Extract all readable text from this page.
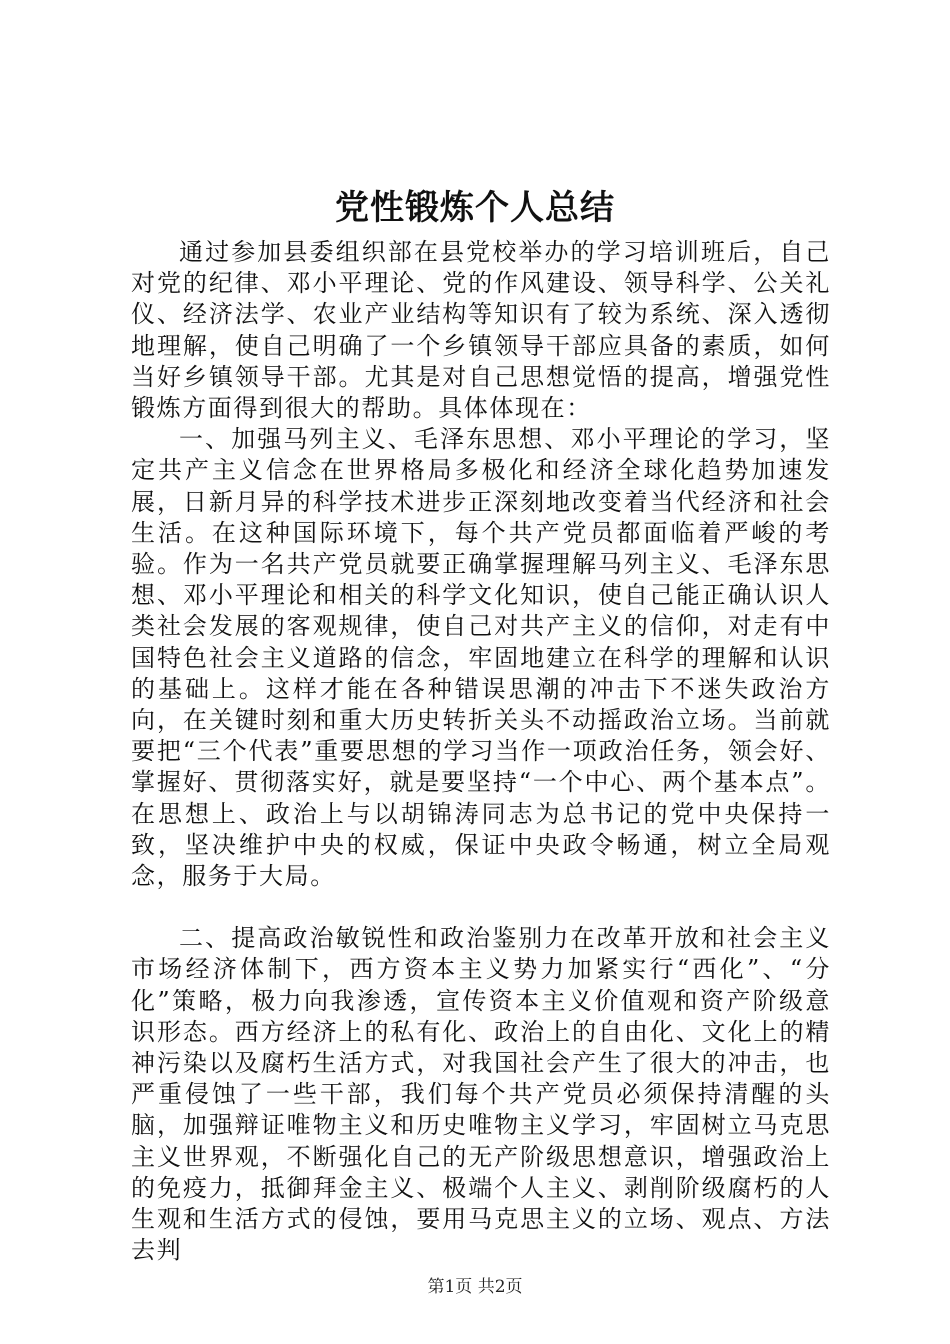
党性锻炼个人总结

通过参加县委组织部在县党校举办的学习培训班后，自己对党的纪律、邓小平理论、党的作风建设、领导科学、公关礼仪、经济法学、农业产业结构等知识有了较为系统、深入透彻地理解，使自己明确了一个乡镇领导干部应具备的素质，如何当好乡镇领导干部。尤其是对自己思想觉悟的提高，增强党性锻炼方面得到很大的帮助。具体体现在：

一、加强马列主义、毛泽东思想、邓小平理论的学习，坚定共产主义信念在世界格局多极化和经济全球化趋势加速发展，日新月异的科学技术进步正深刻地改变着当代经济和社会生活。在这种国际环境下，每个共产党员都面临着严峻的考验。作为一名共产党员就要正确掌握理解马列主义、毛泽东思想、邓小平理论和相关的科学文化知识，使自己能正确认识人类社会发展的客观规律，使自己对共产主义的信仰，对走有中国特色社会主义道路的信念，牢固地建立在科学的理解和认识的基础上。这样才能在各种错误思潮的冲击下不迷失政治方向，在关键时刻和重大历史转折关头不动摇政治立场。当前就要把“三个代表”重要思想的学习当作一项政治任务，领会好、掌握好、贯彻落实好，就是要坚持“一个中心、两个基本点”。在思想上、政治上与以胡锦涛同志为总书记的党中央保持一致，坚决维护中央的权威，保证中央政令畅通，树立全局观念，服务于大局。

二、提高政治敏锐性和政治鉴别力在改革开放和社会主义市场经济体制下，西方资本主义势力加紧实行“西化”、“分化”策略，极力向我渗透，宣传资本主义价值观和资产阶级意识形态。西方经济上的私有化、政治上的自由化、文化上的精神污染以及腐朽生活方式，对我国社会产生了很大的冲击，也严重侵蚀了一些干部，我们每个共产党员必须保持清醒的头脑，加强辩证唯物主义和历史唯物主义学习，牢固树立马克思主义世界观，不断强化自己的无产阶级思想意识，增强政治上的免疫力，抵御拜金主义、极端个人主义、剥削阶级腐朽的人生观和生活方式的侵蚀，要用马克思主义的立场、观点、方法去判

第1页 共2页
